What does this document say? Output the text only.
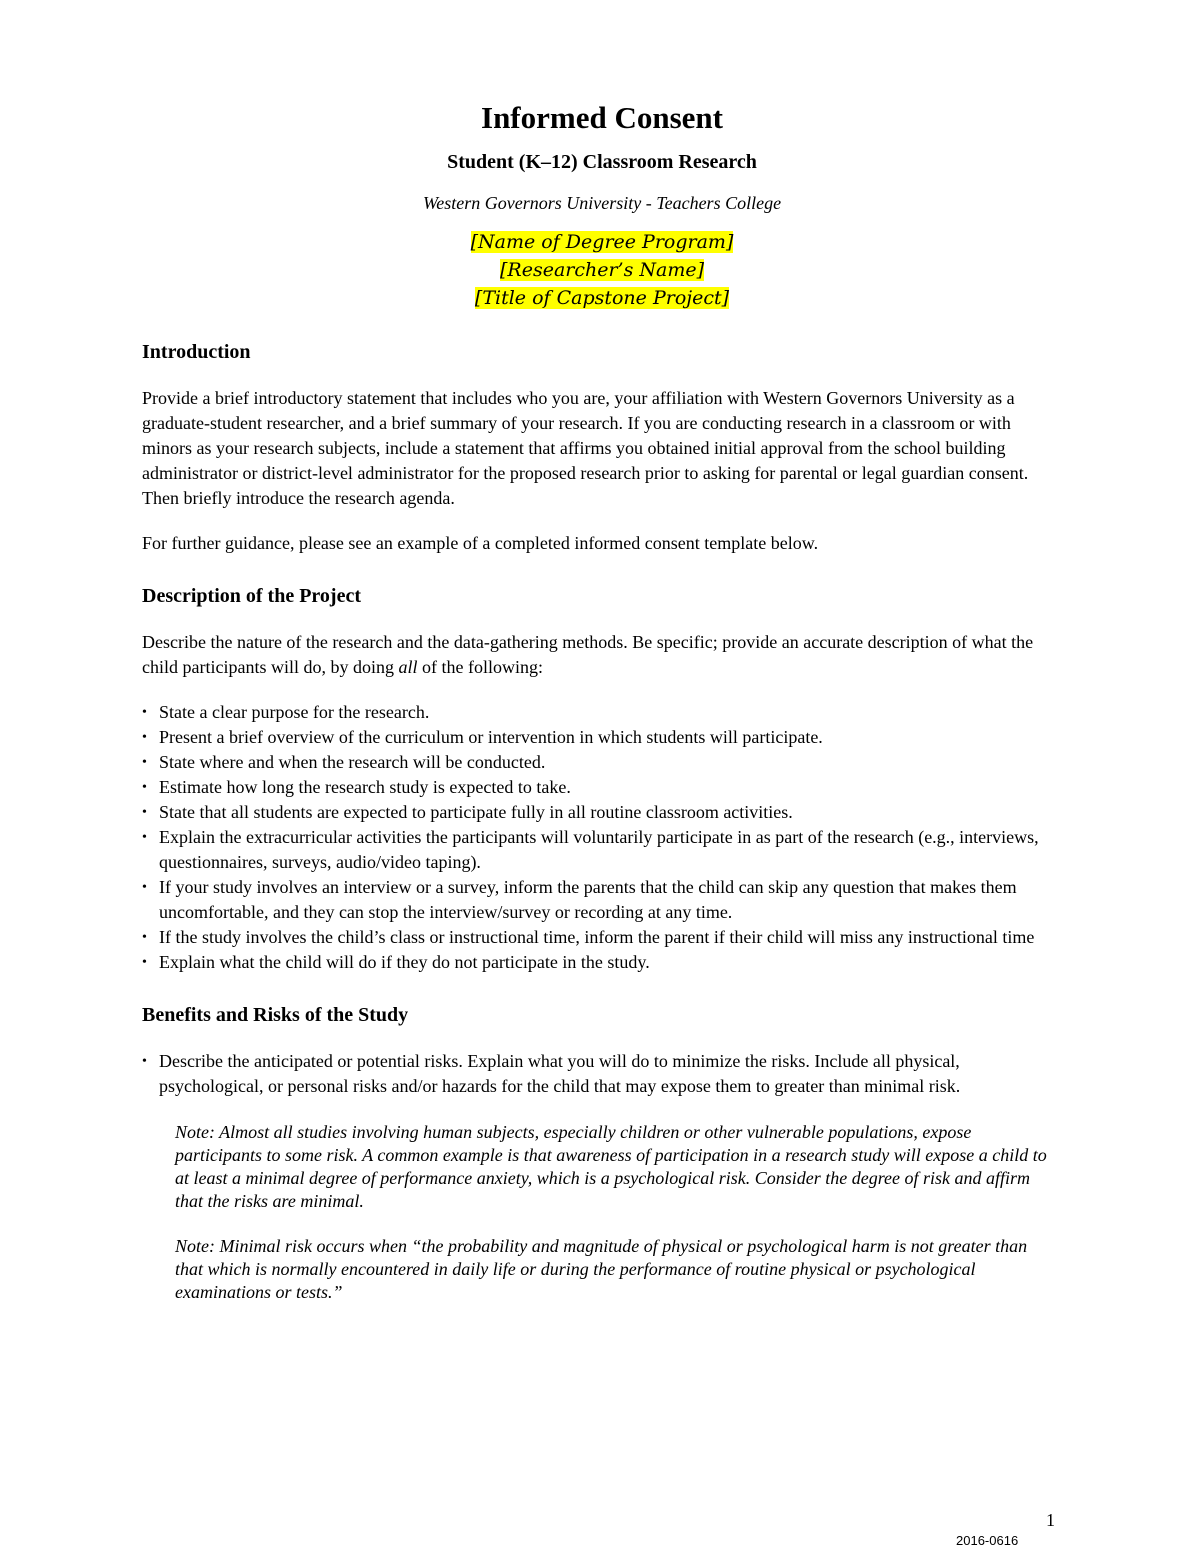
Informed Consent
Student (K–12) Classroom Research
Western Governors University - Teachers College
[Name of Degree Program]
[Researcher’s Name]
[Title of Capstone Project]
Introduction

Provide a brief introductory statement that includes who you are, your affiliation with Western Governors University as a graduate-student researcher, and a brief summary of your research. If you are conducting research in a classroom or with minors as your research subjects, include a statement that affirms you obtained initial approval from the school building administrator or district-level administrator for the proposed research prior to asking for parental or legal guardian consent. Then briefly introduce the research agenda.

For further guidance, please see an example of a completed informed consent template below.

Description of the Project

Describe the nature of the research and the data-gathering methods. Be specific; provide an accurate description of what the child participants will do, by doing all of the following:

• State a clear purpose for the research.
• Present a brief overview of the curriculum or intervention in which students will participate.
• State where and when the research will be conducted.
• Estimate how long the research study is expected to take.
• State that all students are expected to participate fully in all routine classroom activities.
• Explain the extracurricular activities the participants will voluntarily participate in as part of the research (e.g., interviews, questionnaires, surveys, audio/video taping).
• If your study involves an interview or a survey, inform the parents that the child can skip any question that makes them uncomfortable, and they can stop the interview/survey or recording at any time.
• If the study involves the child’s class or instructional time, inform the parent if their child will miss any instructional time
• Explain what the child will do if they do not participate in the study.
Benefits and Risks of the Study
• Describe the anticipated or potential risks. Explain what you will do to minimize the risks. Include all physical, psychological, or personal risks and/or hazards for the child that may expose them to greater than minimal risk.

Note: Almost all studies involving human subjects, especially children or other vulnerable populations, expose participants to some risk. A common example is that awareness of participation in a research study will expose a child to at least a minimal degree of performance anxiety, which is a psychological risk. Consider the degree of risk and affirm that the risks are minimal.

Note: Minimal risk occurs when “the probability and magnitude of physical or psychological harm is not greater than that which is normally encountered in daily life or during the performance of routine physical or psychological examinations or tests.”

1
2016-0616
